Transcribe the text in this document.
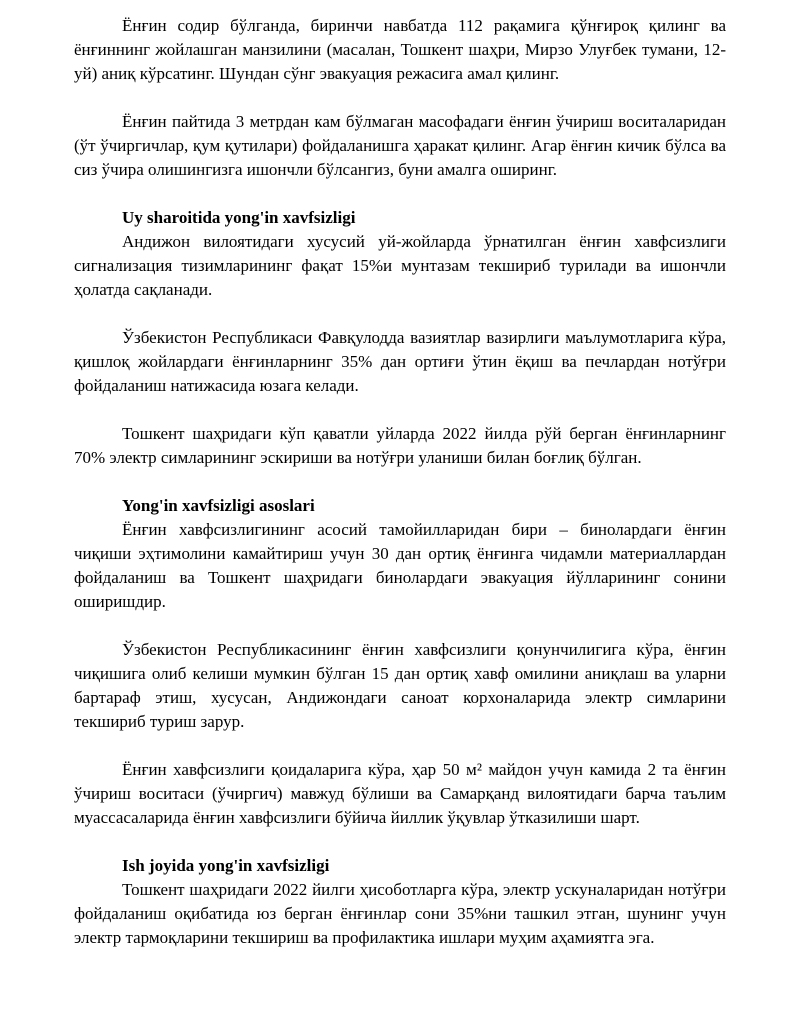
Ёнғин содир бўлганда, биринчи навбатда 112 рақамига қўнғироқ қилинг ва ёнғиннинг жойлашган манзилини (масалан, Тошкент шаҳри, Мирзо Улуғбек тумани, 12-уй) аниқ кўрсатинг. Шундан сўнг эвакуация режасига амал қилинг.

Ёнғин пайтида 3 метрдан кам бўлмаган масофадаги ёнғин ўчириш воситаларидан (ўт ўчиргичлар, қум қутилари) фойдаланишга ҳаракат қилинг. Агар ёнғин кичик бўлса ва сиз ўчира олишингизга ишончли бўлсангиз, буни амалга оширинг.

Uy sharoitida yong'in xavfsizligi

Андижон вилоятидаги хусусий уй-жойларда ўрнатилган ёнғин хавфсизлиги сигнализация тизимларининг фақат 15%и мунтазам текшириб турилади ва ишончли ҳолатда сақланади.

Ўзбекистон Республикаси Фавқулодда вазиятлар вазирлиги маълумотларига кўра, қишлоқ жойлардаги ёнғинларнинг 35% дан ортиғи ўтин ёқиш ва печлардан нотўғри фойдаланиш натижасида юзага келади.

Тошкент шаҳридаги кўп қаватли уйларда 2022 йилда рўй берган ёнғинларнинг 70% электр симларининг эскириши ва нотўғри уланиши билан боғлиқ бўлган.

Yong'in xavfsizligi asoslari

Ёнғин хавфсизлигининг асосий тамойилларидан бири – бинолардаги ёнғин чиқиши эҳтимолини камайтириш учун 30 дан ортиқ ёнғинга чидамли материаллардан фойдаланиш ва Тошкент шаҳридаги бинолардаги эвакуация йўлларининг сонини оширишдир.

Ўзбекистон Республикасининг ёнғин хавфсизлиги қонунчилигига кўра, ёнғин чиқишига олиб келиши мумкин бўлган 15 дан ортиқ хавф омилини аниқлаш ва уларни бартараф этиш, хусусан, Андижондаги саноат корхоналарида электр симларини текшириб туриш зарур.

Ёнғин хавфсизлиги қоидаларига кўра, ҳар 50 м² майдон учун камида 2 та ёнғин ўчириш воситаси (ўчиргич) мавжуд бўлиши ва Самарқанд вилоятидаги барча таълим муассасаларида ёнғин хавфсизлиги бўйича йиллик ўқувлар ўтказилиши шарт.

Ish joyida yong'in xavfsizligi

Тошкент шаҳридаги 2022 йилги ҳисоботларга кўра, электр ускуналаридан нотўғри фойдаланиш оқибатида юз берган ёнғинлар сони 35%ни ташкил этган, шунинг учун электр тармоқларини текшириш ва профилактика ишлари муҳим аҳамиятга эга.
